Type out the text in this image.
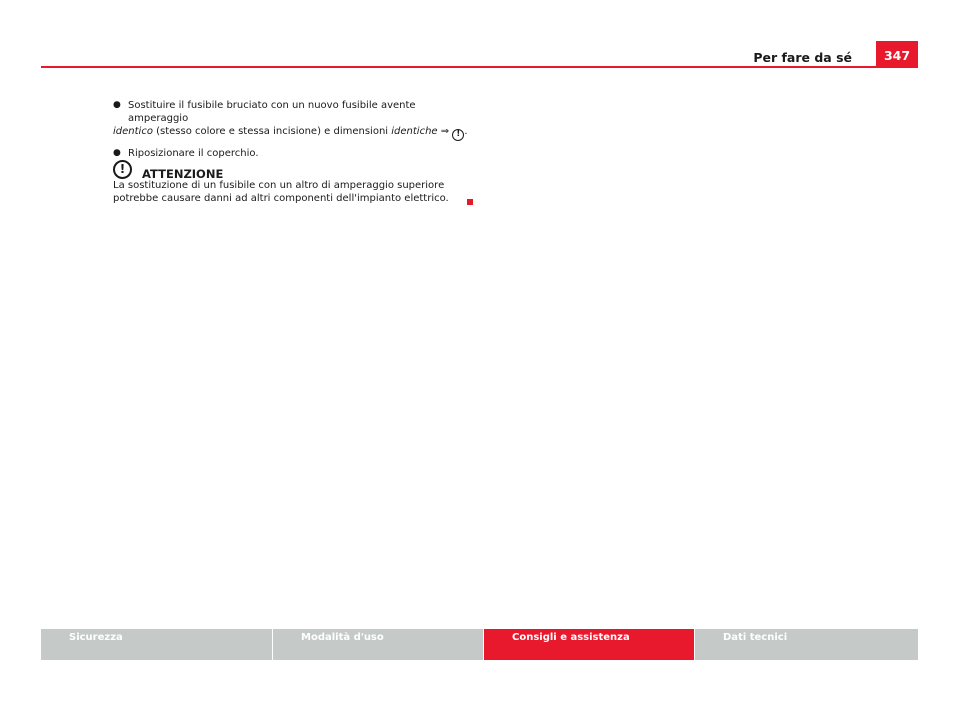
Per fare da sé	347
● Sostituire il fusibile bruciato con un nuovo fusibile avente amperaggio
identico (stesso colore e stessa incisione) e dimensioni identiche ⇒ ! .
● Riposizionare il coperchio.
!	ATTENZIONE
La sostituzione di un fusibile con un altro di amperaggio superiore potrebbe causare danni ad altri componenti dell'impianto elettrico.
Sicurezza	Modalità d'uso	Consigli e assistenza	Dati tecnici
